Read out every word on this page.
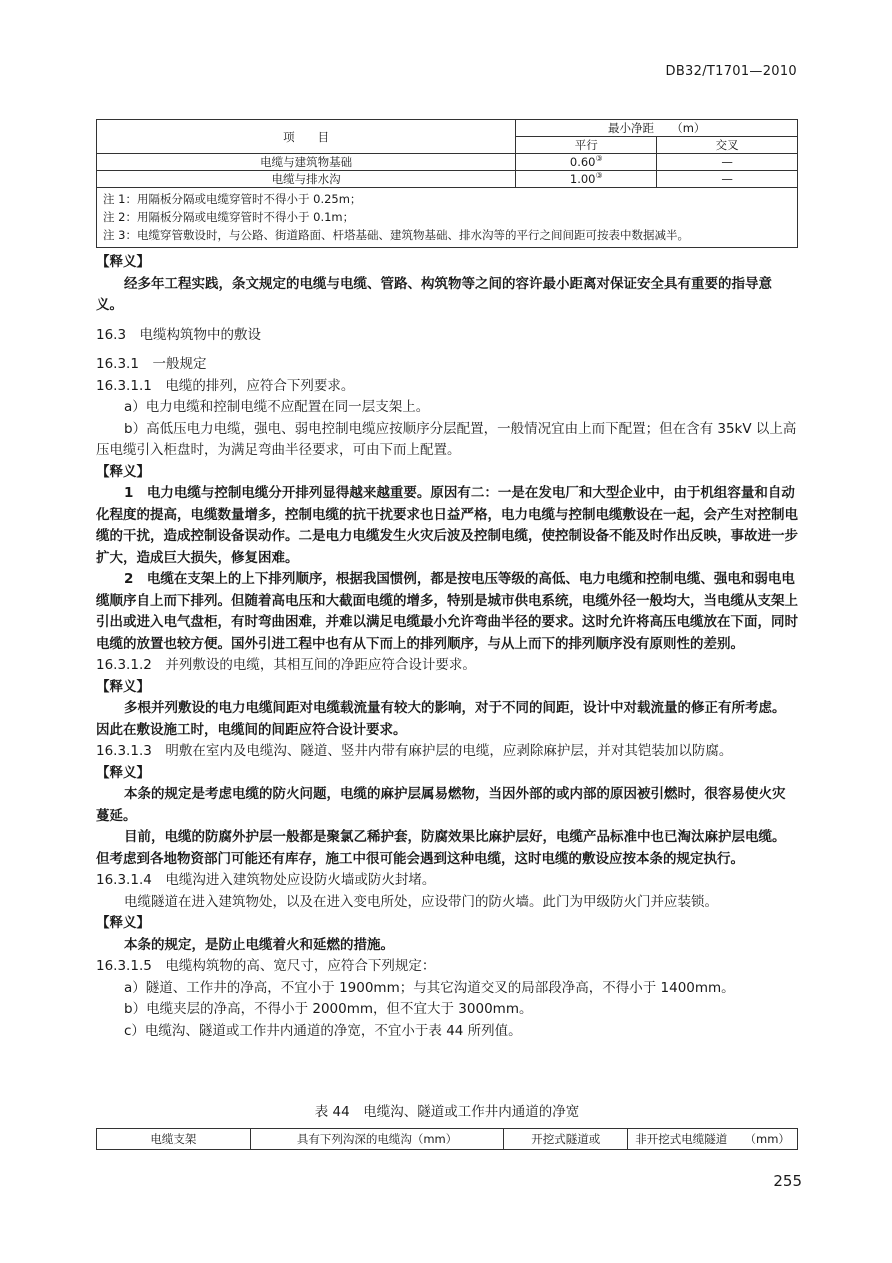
DB32/T1701—2010
项　　目	最小净距　　（m）	
	平行	交叉
电缆与建筑物基础	0.60③	—
电缆与排水沟	1.00③	—

注 1：用隔板分隔或电缆穿管时不得小于 0.25m；
注 2：用隔板分隔或电缆穿管时不得小于 0.1m；
注 3：电缆穿管敷设时，与公路、街道路面、杆塔基础、建筑物基础、排水沟等的平行之间间距可按表中数据减半。		

【释义】

经多年工程实践，条文规定的电缆与电缆、管路、构筑物等之间的容许最小距离对保证安全具有重要的指导意义。

16.3　电缆构筑物中的敷设

16.3.1　一般规定

16.3.1.1　电缆的排列，应符合下列要求。

a）电力电缆和控制电缆不应配置在同一层支架上。

b）高低压电力电缆，强电、弱电控制电缆应按顺序分层配置，一般情况宜由上而下配置；但在含有 35kV 以上高压电缆引入柜盘时，为满足弯曲半径要求，可由下而上配置。

【释义】

1　电力电缆与控制电缆分开排列显得越来越重要。原因有二：一是在发电厂和大型企业中，由于机组容量和自动化程度的提高，电缆数量增多，控制电缆的抗干扰要求也日益严格，电力电缆与控制电缆敷设在一起，会产生对控制电缆的干扰，造成控制设备误动作。二是电力电缆发生火灾后波及控制电缆，使控制设备不能及时作出反映，事故进一步扩大，造成巨大损失，修复困难。

2　电缆在支架上的上下排列顺序，根据我国惯例，都是按电压等级的高低、电力电缆和控制电缆、强电和弱电电缆顺序自上而下排列。但随着高电压和大截面电缆的增多，特别是城市供电系统，电缆外径一般均大，当电缆从支架上引出或进入电气盘柜，有时弯曲困难，并难以满足电缆最小允许弯曲半径的要求。这时允许将高压电缆放在下面，同时电缆的放置也较方便。国外引进工程中也有从下而上的排列顺序，与从上而下的排列顺序没有原则性的差别。

16.3.1.2　并列敷设的电缆，其相互间的净距应符合设计要求。

【释义】

多根并列敷设的电力电缆间距对电缆载流量有较大的影响，对于不同的间距，设计中对载流量的修正有所考虑。因此在敷设施工时，电缆间的间距应符合设计要求。

16.3.1.3　明敷在室内及电缆沟、隧道、竖井内带有麻护层的电缆，应剥除麻护层，并对其铠装加以防腐。

【释义】

本条的规定是考虑电缆的防火问题，电缆的麻护层属易燃物，当因外部的或内部的原因被引燃时，很容易使火灾蔓延。

目前，电缆的防腐外护层一般都是聚氯乙稀护套，防腐效果比麻护层好，电缆产品标准中也已淘汰麻护层电缆。但考虑到各地物资部门可能还有库存，施工中很可能会遇到这种电缆，这时电缆的敷设应按本条的规定执行。

16.3.1.4　电缆沟进入建筑物处应设防火墙或防火封堵。

电缆隧道在进入建筑物处，以及在进入变电所处，应设带门的防火墙。此门为甲级防火门并应装锁。

【释义】

本条的规定，是防止电缆着火和延燃的措施。

16.3.1.5　电缆构筑物的高、宽尺寸，应符合下列规定：

a）隧道、工作井的净高，不宜小于 1900mm；与其它沟道交叉的局部段净高，不得小于 1400mm。

b）电缆夹层的净高，不得小于 2000mm，但不宜大于 3000mm。

c）电缆沟、隧道或工作井内通道的净宽，不宜小于表 44 所列值。

表 44　电缆沟、隧道或工作井内通道的净宽
电缆支架	具有下列沟深的电缆沟（mm）	开挖式隧道或	非开挖式电缆隧道　　（mm）
255
